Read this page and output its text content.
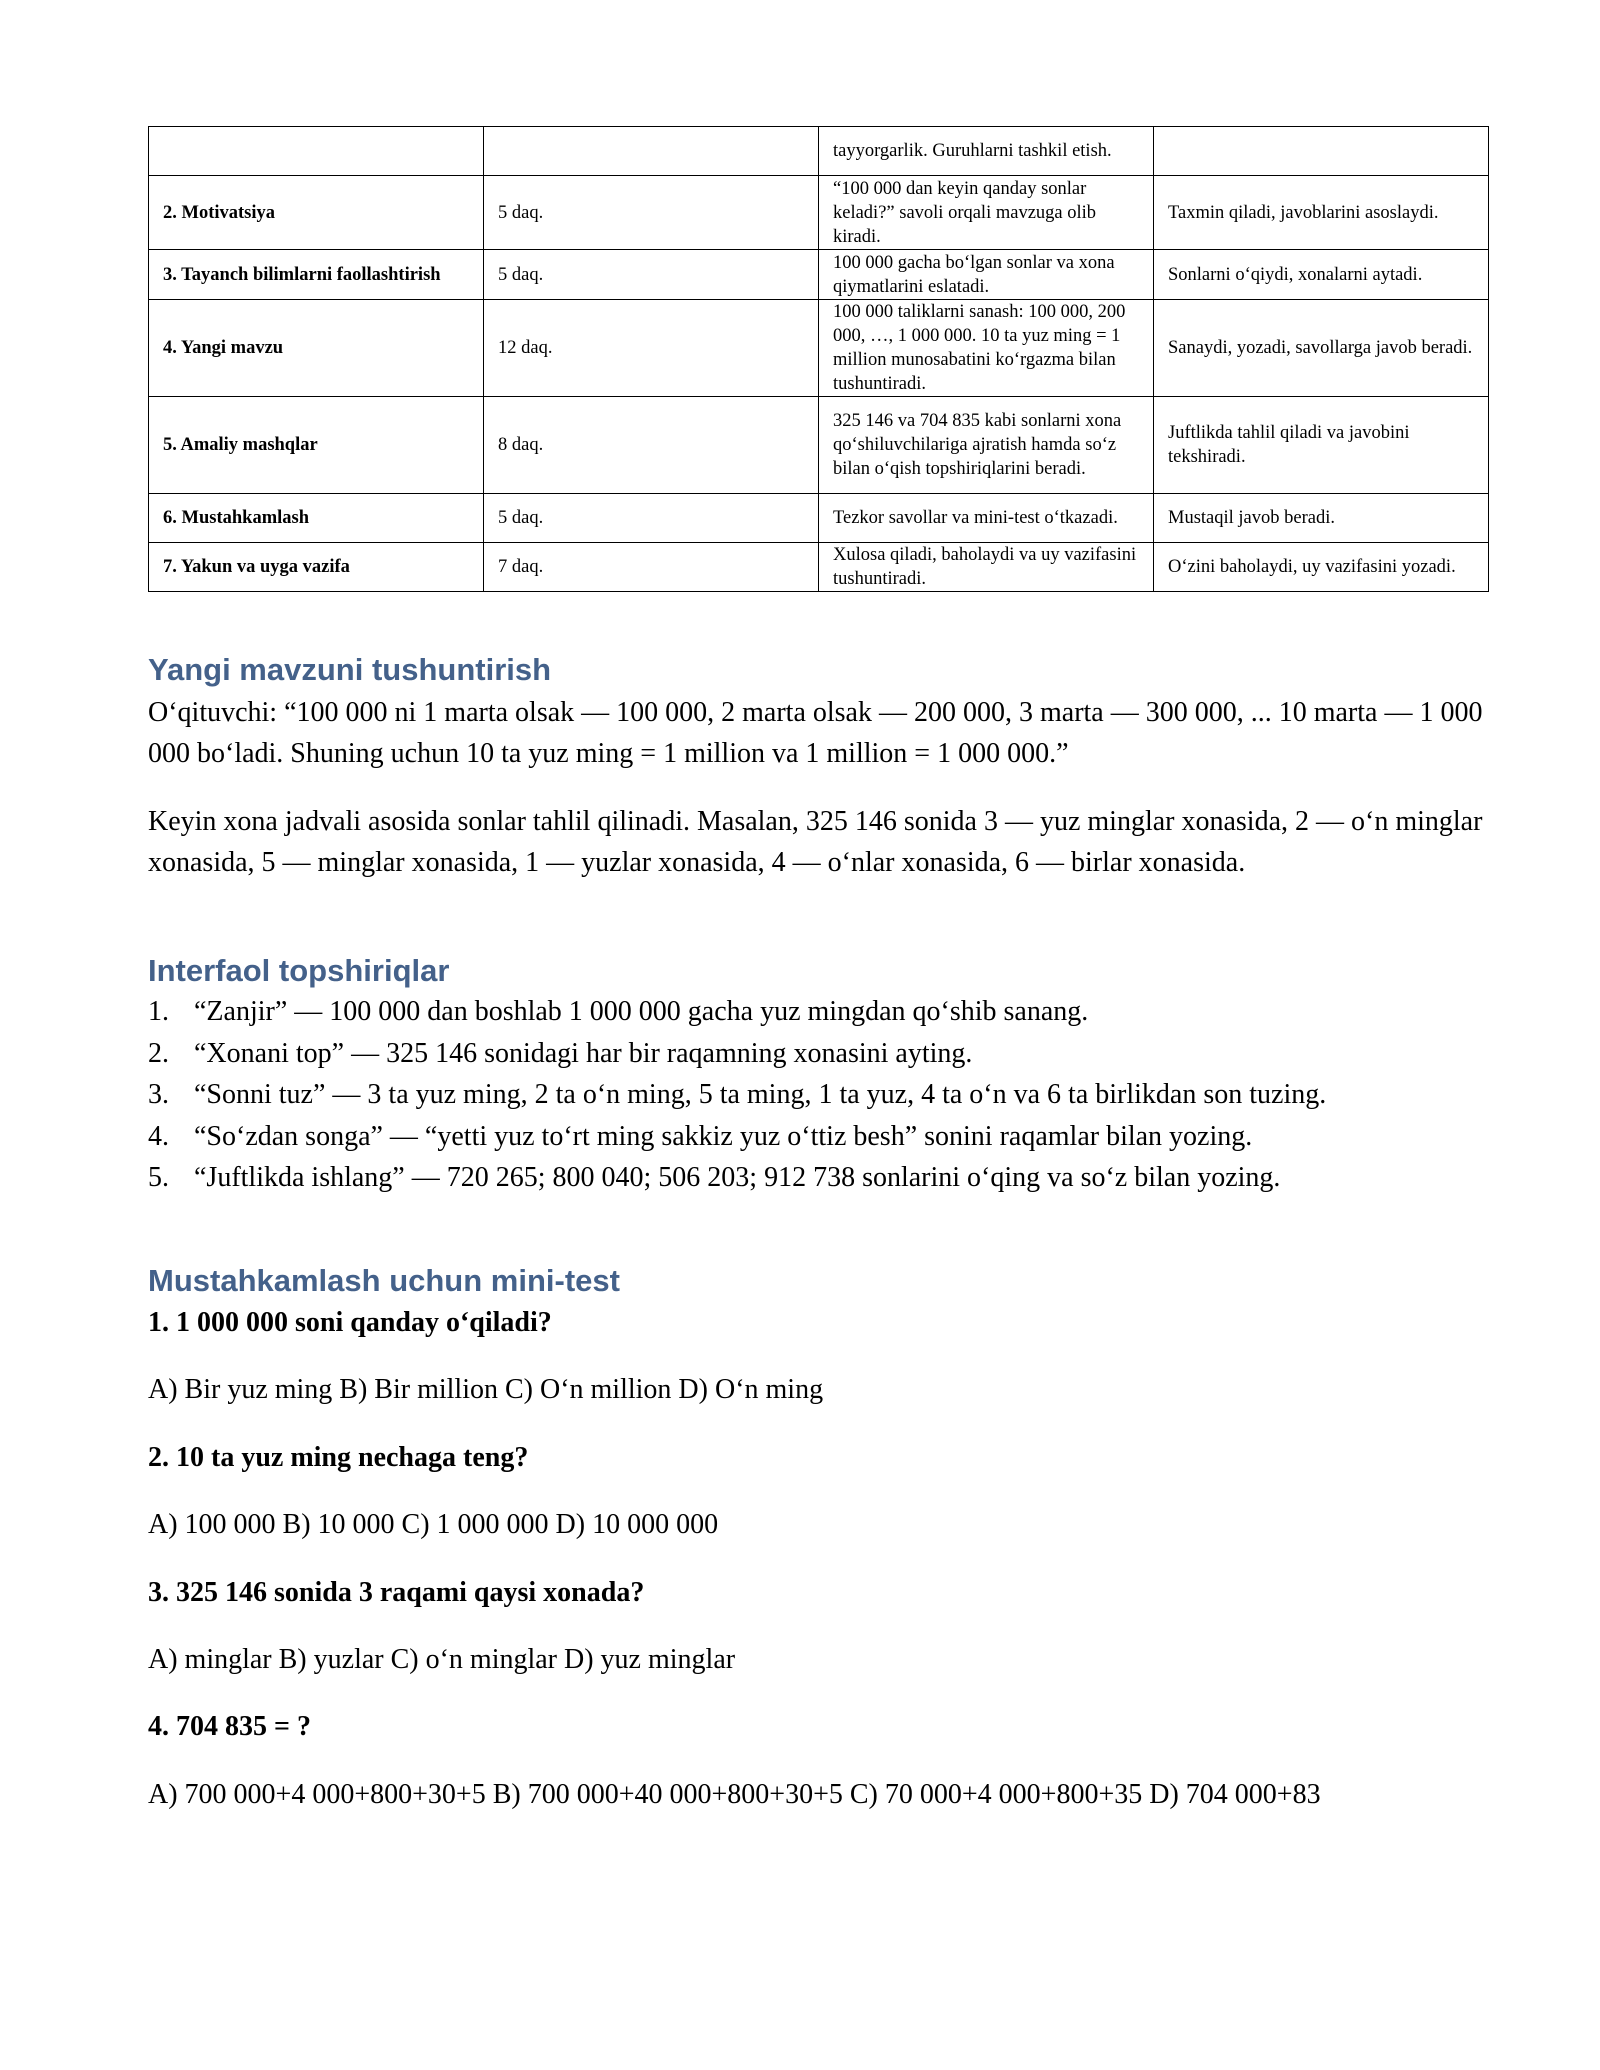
		tayyorgarlik. Guruhlarni tashkil etish.	
2. Motivatsiya	5 daq.	“100 000 dan keyin qanday sonlar keladi?” savoli orqali mavzuga olib kiradi.	Taxmin qiladi, javoblarini asoslaydi.
3. Tayanch bilimlarni faollashtirish	5 daq.	100 000 gacha bo‘lgan sonlar va xona qiymatlarini eslatadi.	Sonlarni o‘qiydi, xonalarni aytadi.
4. Yangi mavzu	12 daq.	100 000 taliklarni sanash: 100 000, 200 000, …, 1 000 000. 10 ta yuz ming = 1 million munosabatini ko‘rgazma bilan tushuntiradi.	Sanaydi, yozadi, savollarga javob beradi.
5. Amaliy mashqlar	8 daq.	325 146 va 704 835 kabi sonlarni xona qo‘shiluvchilariga ajratish hamda so‘z bilan o‘qish topshiriqlarini beradi.	Juftlikda tahlil qiladi va javobini tekshiradi.
6. Mustahkamlash	5 daq.	Tezkor savollar va mini-test o‘tkazadi.	Mustaqil javob beradi.
7. Yakun va uyga vazifa	7 daq.	Xulosa qiladi, baholaydi va uy vazifasini tushuntiradi.	O‘zini baholaydi, uy vazifasini yozadi.
Yangi mavzuni tushuntirish

O‘qituvchi: “100 000 ni 1 marta olsak — 100 000, 2 marta olsak — 200 000, 3 marta — 300 000, ... 10 marta — 1 000 000 bo‘ladi. Shuning uchun 10 ta yuz ming = 1 million va 1 million = 1 000 000.”

Keyin xona jadvali asosida sonlar tahlil qilinadi. Masalan, 325 146 sonida 3 — yuz minglar xonasida, 2 — o‘n minglar xonasida, 5 — minglar xonasida, 1 — yuzlar xonasida, 4 — o‘nlar xonasida, 6 — birlar xonasida.

Interfaol topshiriqlar
1. “Zanjir” — 100 000 dan boshlab 1 000 000 gacha yuz mingdan qo‘shib sanang.
2. “Xonani top” — 325 146 sonidagi har bir raqamning xonasini ayting.
3. “Sonni tuz” — 3 ta yuz ming, 2 ta o‘n ming, 5 ta ming, 1 ta yuz, 4 ta o‘n va 6 ta birlikdan son tuzing.
4. “So‘zdan songa” — “yetti yuz to‘rt ming sakkiz yuz o‘ttiz besh” sonini raqamlar bilan yozing.
5. “Juftlikda ishlang” — 720 265; 800 040; 506 203; 912 738 sonlarini o‘qing va so‘z bilan yozing.
Mustahkamlash uchun mini-test
1. 1 000 000 soni qanday o‘qiladi?
A) Bir yuz ming B) Bir million C) O‘n million D) O‘n ming
2. 10 ta yuz ming nechaga teng?
A) 100 000 B) 10 000 C) 1 000 000 D) 10 000 000
3. 325 146 sonida 3 raqami qaysi xonada?
A) minglar B) yuzlar C) o‘n minglar D) yuz minglar
4. 704 835 = ?
A) 700 000+4 000+800+30+5 B) 700 000+40 000+800+30+5 C) 70 000+4 000+800+35 D) 704 000+83
